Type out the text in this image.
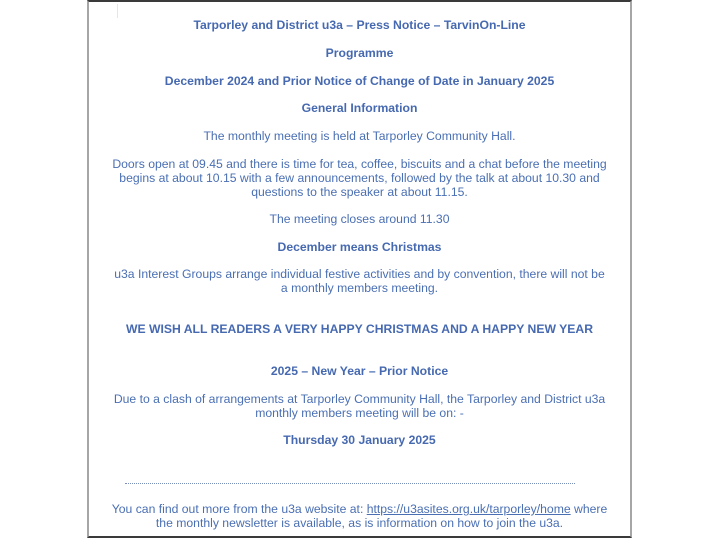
Tarporley and District u3a – Press Notice – TarvinOn-Line
Programme
December 2024 and Prior Notice of Change of Date in January 2025
General Information
The monthly meeting is held at Tarporley Community Hall.
Doors open at 09.45 and there is time for tea, coffee, biscuits and a chat before the meeting
begins at about 10.15 with a few announcements, followed by the talk at about 10.30 and
questions to the speaker at about 11.15.
The meeting closes around 11.30
December means Christmas
u3a Interest Groups arrange individual festive activities and by convention, there will not be
a monthly members meeting.
WE WISH ALL READERS A VERY HAPPY CHRISTMAS AND A HAPPY NEW YEAR
2025 – New Year – Prior Notice
Due to a clash of arrangements at Tarporley Community Hall, the Tarporley and District u3a
monthly members meeting will be on: -
Thursday 30 January 2025
You can find out more from the u3a website at: https://u3asites.org.uk/tarporley/home where
the monthly newsletter is available, as is information on how to join the u3a.
